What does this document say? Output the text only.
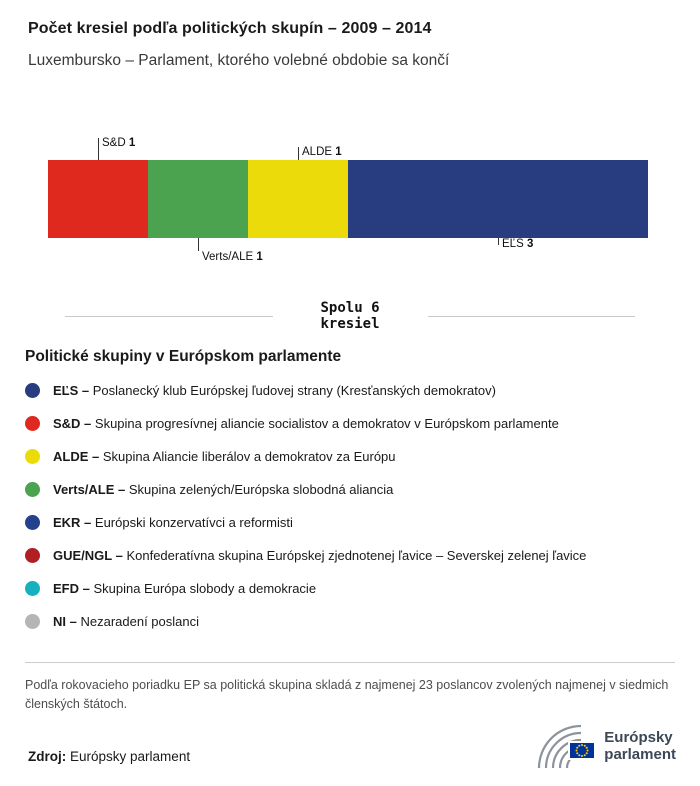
Počet kresiel podľa politických skupín – 2009 – 2014
Luxembursko – Parlament, ktorého volebné obdobie sa končí
S&D 1
Verts/ALE 1
ALDE 1
EĽS 3
Spolu 6
kresiel
Politické skupiny v Európskom parlamente
EĽS – Poslanecký klub Európskej ľudovej strany (Kresťanských demokratov)
S&D – Skupina progresívnej aliancie socialistov a demokratov v Európskom parlamente
ALDE – Skupina Aliancie liberálov a demokratov za Európu
Verts/ALE – Skupina zelených/Európska slobodná aliancia
EKR – Európski konzervatívci a reformisti
GUE/NGL – Konfederatívna skupina Európskej zjednotenej ľavice – Severskej zelenej ľavice
EFD – Skupina Európa slobody a demokracie
NI – Nezaradení poslanci

Podľa rokovacieho poriadku EP sa politická skupina skladá z najmenej 23 poslancov zvolených najmenej v siedmich členských štátoch.

Zdroj: Európsky parlament
Európsky
parlament
